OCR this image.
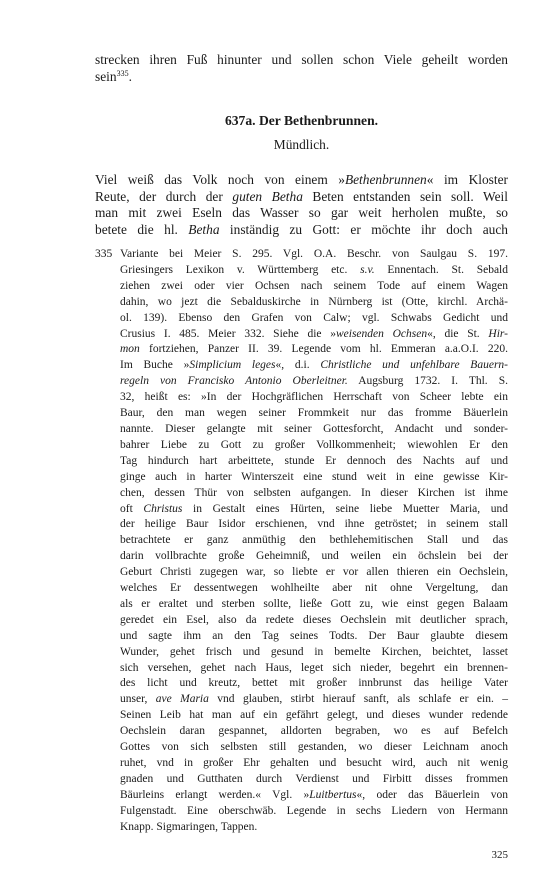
strecken ihren Fuß hinunter und sollen schon Viele geheilt worden
sein$^{335}$.
637a. Der Bethenbrunnen.
Mündlich.
Viel weiß das Volk noch von einem »Bethenbrunnen« im Kloster
Reute, der durch der guten Betha Beten entstanden sein soll. Weil
man mit zwei Eseln das Wasser so gar weit herholen mußte, so
betete die hl. Betha inständig zu Gott: er möchte ihr doch auch
335 Variante bei Meier S. 295. Vgl. O.A. Beschr. von Saulgau S. 197.
Griesingers Lexikon v. Württemberg etc. s.v. Ennentach. St. Sebald
ziehen zwei oder vier Ochsen nach seinem Tode auf einem Wagen
dahin, wo jezt die Sebalduskirche in Nürnberg ist (Otte, kirchl. Archä-
ol. 139). Ebenso den Grafen von Calw; vgl. Schwabs Gedicht und
Crusius I. 485. Meier 332. Siehe die »weisenden Ochsen«, die St. Hir-
mon fortziehen, Panzer II. 39. Legende vom hl. Emmeran a.a.O.I. 220.
Im Buche »Simplicium leges«, d.i. Christliche und unfehlbare Bauern-
regeln von Francisko Antonio Oberleitner. Augsburg 1732. I. Thl. S.
32, heißt es: »In der Hochgräflichen Herrschaft von Scheer lebte ein
Baur, den man wegen seiner Frommkeit nur das fromme Bäuerlein
nannte. Dieser gelangte mit seiner Gottesforcht, Andacht und sonder-
bahrer Liebe zu Gott zu großer Vollkommenheit; wiewohlen Er den
Tag hindurch hart arbeittete, stunde Er dennoch des Nachts auf und
ginge auch in harter Winterszeit eine stund weit in eine gewisse Kir-
chen, dessen Thür von selbsten aufgangen. In dieser Kirchen ist ihme
oft Christus in Gestalt eines Hürten, seine liebe Muetter Maria, und
der heilige Baur Isidor erschienen, vnd ihne getröstet; in seinem stall
betrachtete er ganz anmüthig den bethlehemitischen Stall und das
darin vollbrachte große Geheimniß, und weilen ein öchslein bei der
Geburt Christi zugegen war, so liebte er vor allen thieren ein Oechslein,
welches Er dessentwegen wohlheilte aber nit ohne Vergeltung, dan
als er eraltet und sterben sollte, ließe Gott zu, wie einst gegen Balaam
geredet ein Esel, also da redete dieses Oechslein mit deutlicher sprach,
und sagte ihm an den Tag seines Todts. Der Baur glaubte diesem
Wunder, gehet frisch und gesund in bemelte Kirchen, beichtet, lasset
sich versehen, gehet nach Haus, leget sich nieder, begehrt ein brennen-
des licht und kreutz, bettet mit großer innbrunst das heilige Vater
unser, ave Maria vnd glauben, stirbt hierauf sanft, als schlafe er ein. –
Seinen Leib hat man auf ein gefährt gelegt, und dieses wunder redende
Oechslein daran gespannet, alldorten begraben, wo es auf Befelch
Gottes von sich selbsten still gestanden, wo dieser Leichnam anoch
ruhet, vnd in großer Ehr gehalten und besucht wird, auch nit wenig
gnaden und Gutthaten durch Verdienst und Firbitt disses frommen
Bäurleins erlangt werden.« Vgl. »Luitbertus«, oder das Bäuerlein von
Fulgenstadt. Eine oberschwäb. Legende in sechs Liedern von Hermann
Knapp. Sigmaringen, Tappen.
325
